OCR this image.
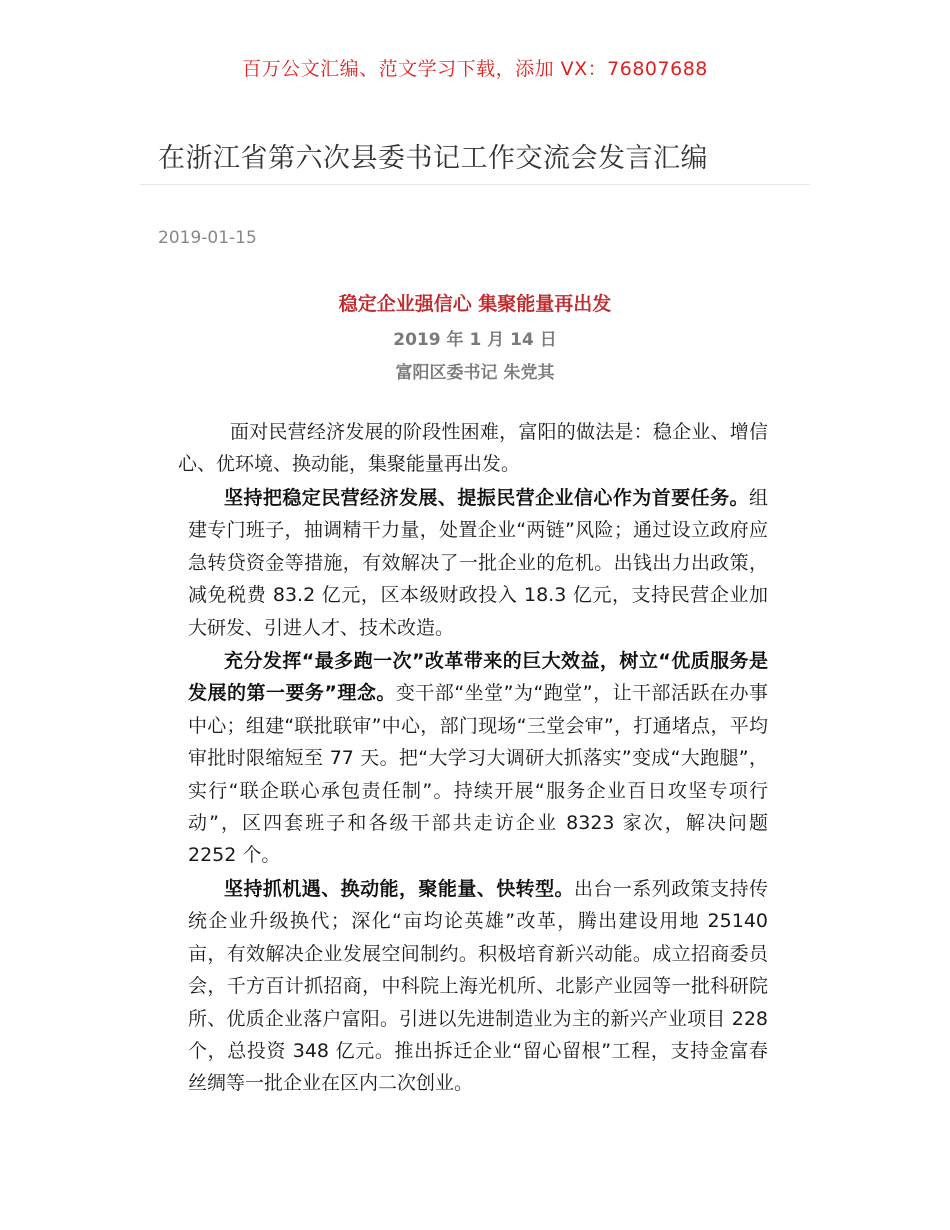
百万公文汇编、范文学习下载，添加 VX：76807688
在浙江省第六次县委书记工作交流会发言汇编
2019-01-15
稳定企业强信心 集聚能量再出发
2019 年 1 月 14 日
富阳区委书记 朱党其

面对民营经济发展的阶段性困难，富阳的做法是：稳企业、增信心、优环境、换动能，集聚能量再出发。

坚持把稳定民营经济发展、提振民营企业信心作为首要任务。组建专门班子，抽调精干力量，处置企业“两链”风险；通过设立政府应急转贷资金等措施，有效解决了一批企业的危机。出钱出力出政策，减免税费 83.2 亿元，区本级财政投入 18.3 亿元，支持民营企业加大研发、引进人才、技术改造。

充分发挥“最多跑一次”改革带来的巨大效益，树立“优质服务是发展的第一要务”理念。变干部“坐堂”为“跑堂”，让干部活跃在办事中心；组建“联批联审”中心，部门现场“三堂会审”，打通堵点，平均审批时限缩短至 77 天。把“大学习大调研大抓落实”变成“大跑腿”，实行“联企联心承包责任制”。持续开展“服务企业百日攻坚专项行动”，区四套班子和各级干部共走访企业 8323 家次，解决问题 2252 个。

坚持抓机遇、换动能，聚能量、快转型。出台一系列政策支持传统企业升级换代；深化“亩均论英雄”改革，腾出建设用地 25140 亩，有效解决企业发展空间制约。积极培育新兴动能。成立招商委员会，千方百计抓招商，中科院上海光机所、北影产业园等一批科研院所、优质企业落户富阳。引进以先进制造业为主的新兴产业项目 228 个，总投资 348 亿元。推出拆迁企业“留心留根”工程，支持金富春丝绸等一批企业在区内二次创业。
